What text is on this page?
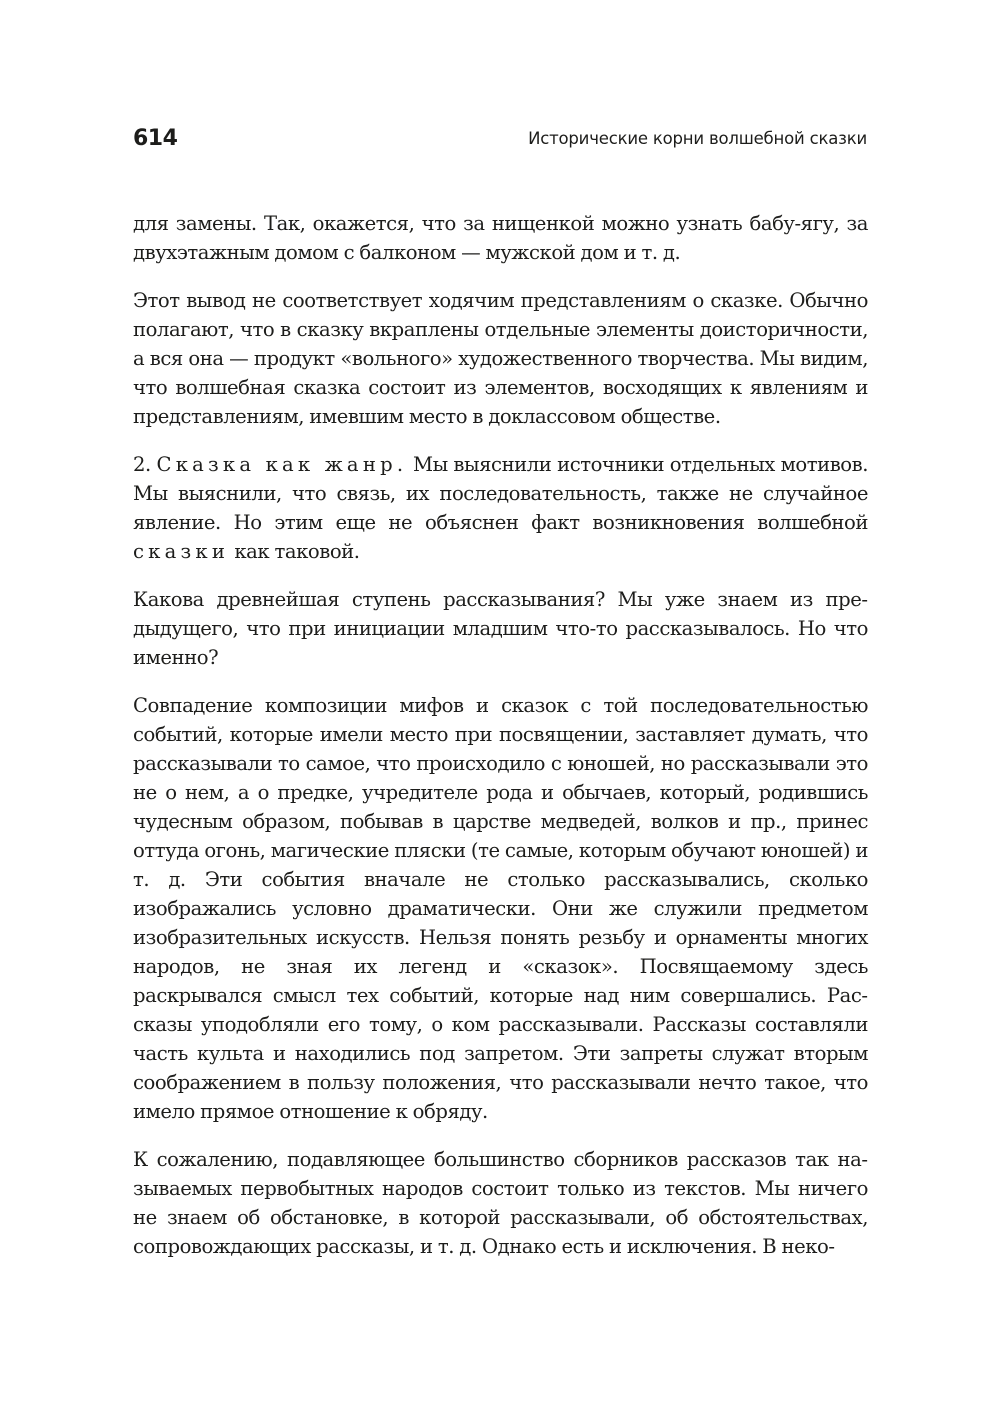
614	Исторические корни волшебной сказки

для замены. Так, окажется, что за нищенкой можно узнать бабу-ягу, за двухэтажным домом с балконом — мужской дом и т. д.

Этот вывод не соответствует ходячим представлениям о сказке. Обычно полагают, что в сказку вкраплены отдельные элементы доисторичности, а вся она — продукт «вольного» художественного творчества. Мы видим, что волшебная сказка состоит из элементов, восходящих к явлениям и представлениям, имевшим место в доклассовом обществе.

2. Сказка как жанр. Мы выяснили источники отдельных мотивов. Мы выяснили, что связь, их последовательность, также не случайное явление. Но этим еще не объяснен факт возникновения волшебной сказки как таковой.

Какова древнейшая ступень рассказывания? Мы уже знаем из предыдущего, что при инициации младшим что-то рассказывалось. Но что именно?

Совпадение композиции мифов и сказок с той последовательностью событий, которые имели место при посвящении, заставляет думать, что рассказывали то самое, что происходило с юношей, но рассказывали это не о нем, а о предке, учредителе рода и обычаев, который, родившись чудесным образом, побывав в царстве медведей, волков и пр., принес оттуда огонь, магические пляски (те самые, которым обучают юношей) и т. д. Эти события вначале не столько рассказывались, сколько изображались условно драматически. Они же служили предметом изобразительных искусств. Нельзя понять резьбу и орнаменты многих народов, не зная их легенд и «сказок». Посвящаемому здесь раскрывался смысл тех событий, которые над ним совершались. Рассказы уподобляли его тому, о ком рассказывали. Рассказы составляли часть культа и находились под запретом. Эти запреты служат вторым соображением в пользу положения, что рассказывали нечто такое, что имело прямое отношение к обряду.

К сожалению, подавляющее большинство сборников рассказов так называемых первобытных народов состоит только из текстов. Мы ничего не знаем об обстановке, в которой рассказывали, об обстоятельствах, сопровождающих рассказы, и т. д. Однако есть и исключения. В неко-
